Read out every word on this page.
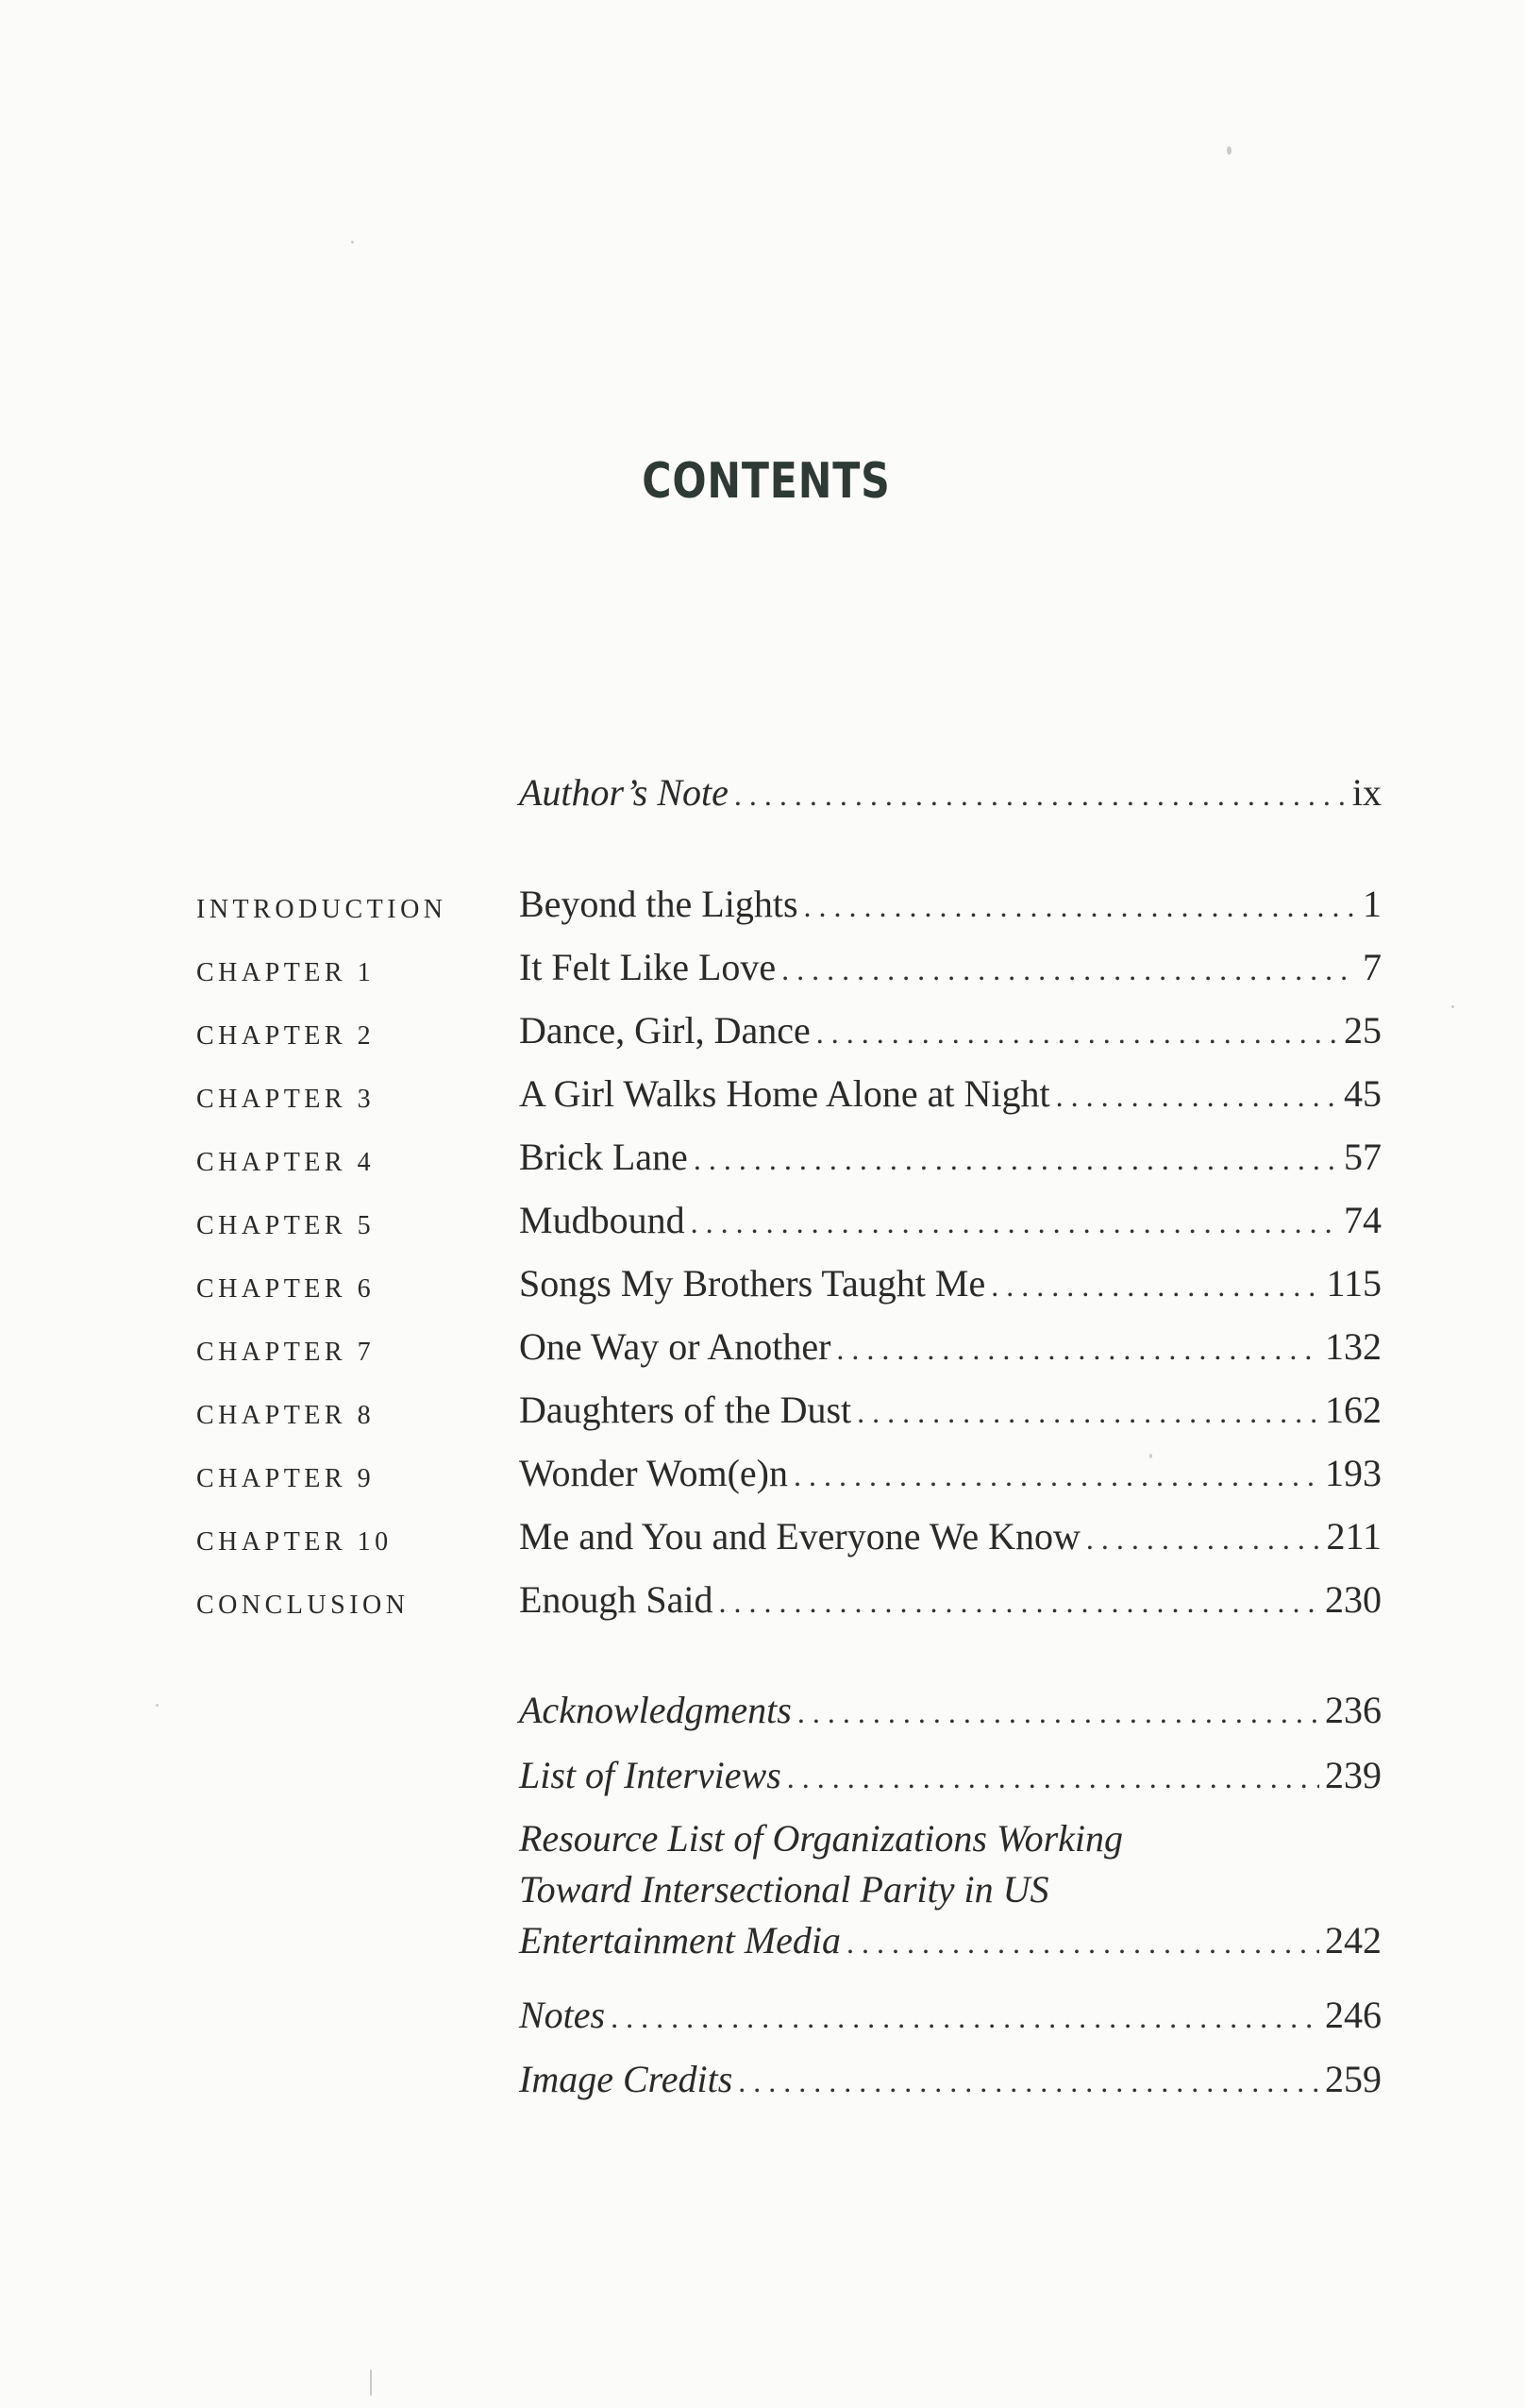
CONTENTS
Author’s Note . . .	ix
INTRODUCTION Beyond the Lights . . .	1
CHAPTER 1	It Felt Like Love . . .	7
CHAPTER 2	Dance, Girl, Dance . . .	25
CHAPTER 3	A Girl Walks Home Alone at Night . . .	45
CHAPTER 4	Brick Lane . . .	57
CHAPTER 5	Mudbound . . .	74
CHAPTER 6	Songs My Brothers Taught Me . . .	115
CHAPTER 7	One Way or Another . . .	132
CHAPTER 8	Daughters of the Dust . . .	162
CHAPTER 9	Wonder Wom(e)n . . .	193
CHAPTER 10	Me and You and Everyone We Know . . .	211
CONCLUSION	Enough Said . . .	230
Acknowledgments . . .	236
List of Interviews . . .	239
Resource List of Organizations Working
Toward Intersectional Parity in US
Entertainment Media . . .	242
Notes . . .	246
Image Credits . . .	259
